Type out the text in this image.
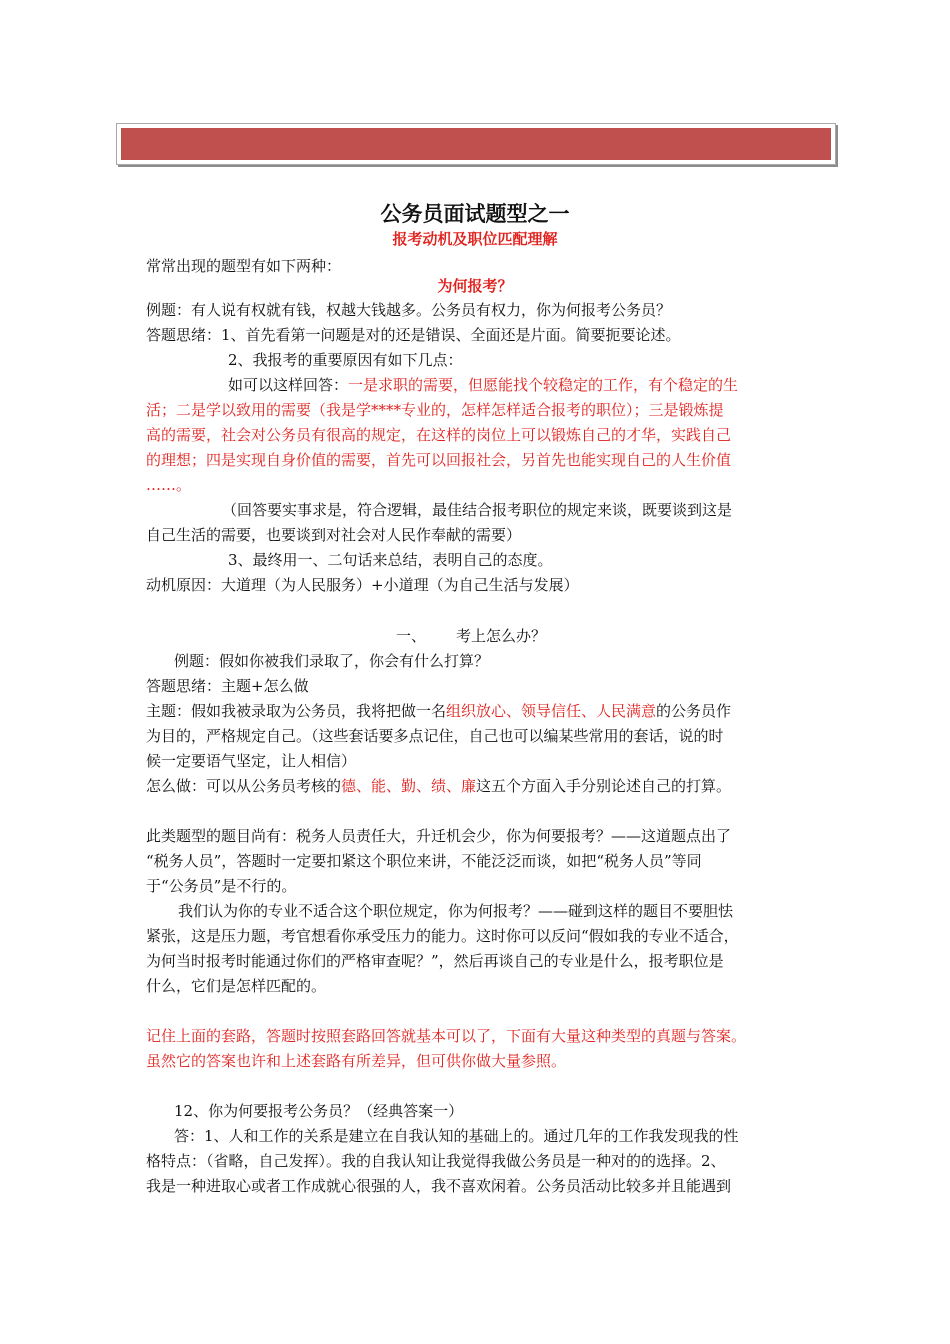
公务员面试题型之一
报考动机及职位匹配理解
常常出现的题型有如下两种：
为何报考？
例题：有人说有权就有钱，权越大钱越多。公务员有权力，你为何报考公务员？
答题思绪：1、首先看第一问题是对的还是错误、全面还是片面。简要扼要论述。
2、我报考的重要原因有如下几点：
如可以这样回答：一是求职的需要，但愿能找个较稳定的工作，有个稳定的生
活；二是学以致用的需要（我是学****专业的，怎样怎样适合报考的职位）；三是锻炼提
高的需要，社会对公务员有很高的规定，在这样的岗位上可以锻炼自己的才华，实践自己
的理想；四是实现自身价值的需要，首先可以回报社会，另首先也能实现自己的人生价值
……。
（回答要实事求是，符合逻辑，最佳结合报考职位的规定来谈，既要谈到这是
自己生活的需要，也要谈到对社会对人民作奉献的需要）
3、最终用一、二句话来总结，表明自己的态度。
动机原因：大道理（为人民服务）+小道理（为自己生活与发展）
一、 考上怎么办？
例题：假如你被我们录取了，你会有什么打算？
答题思绪：主题+怎么做
主题：假如我被录取为公务员，我将把做一名组织放心、领导信任、人民满意的公务员作
为目的，严格规定自己。（这些套话要多点记住，自己也可以编某些常用的套话，说的时
候一定要语气坚定，让人相信）
怎么做：可以从公务员考核的德、能、勤、绩、廉这五个方面入手分别论述自己的打算。
此类题型的题目尚有：税务人员责任大，升迁机会少，你为何要报考？——这道题点出了
“税务人员”，答题时一定要扣紧这个职位来讲，不能泛泛而谈，如把“税务人员”等同
于“公务员”是不行的。
我们认为你的专业不适合这个职位规定，你为何报考？——碰到这样的题目不要胆怯
紧张，这是压力题，考官想看你承受压力的能力。这时你可以反问“假如我的专业不适合，
为何当时报考时能通过你们的严格审查呢？”，然后再谈自己的专业是什么，报考职位是
什么，它们是怎样匹配的。
记住上面的套路，答题时按照套路回答就基本可以了，下面有大量这种类型的真题与答案。
虽然它的答案也许和上述套路有所差异，但可供你做大量参照。
12、你为何要报考公务员？（经典答案一）
答：1、人和工作的关系是建立在自我认知的基础上的。通过几年的工作我发现我的性
格特点：（省略，自己发挥）。我的自我认知让我觉得我做公务员是一种对的的选择。2、
我是一种进取心或者工作成就心很强的人，我不喜欢闲着。公务员活动比较多并且能遇到
